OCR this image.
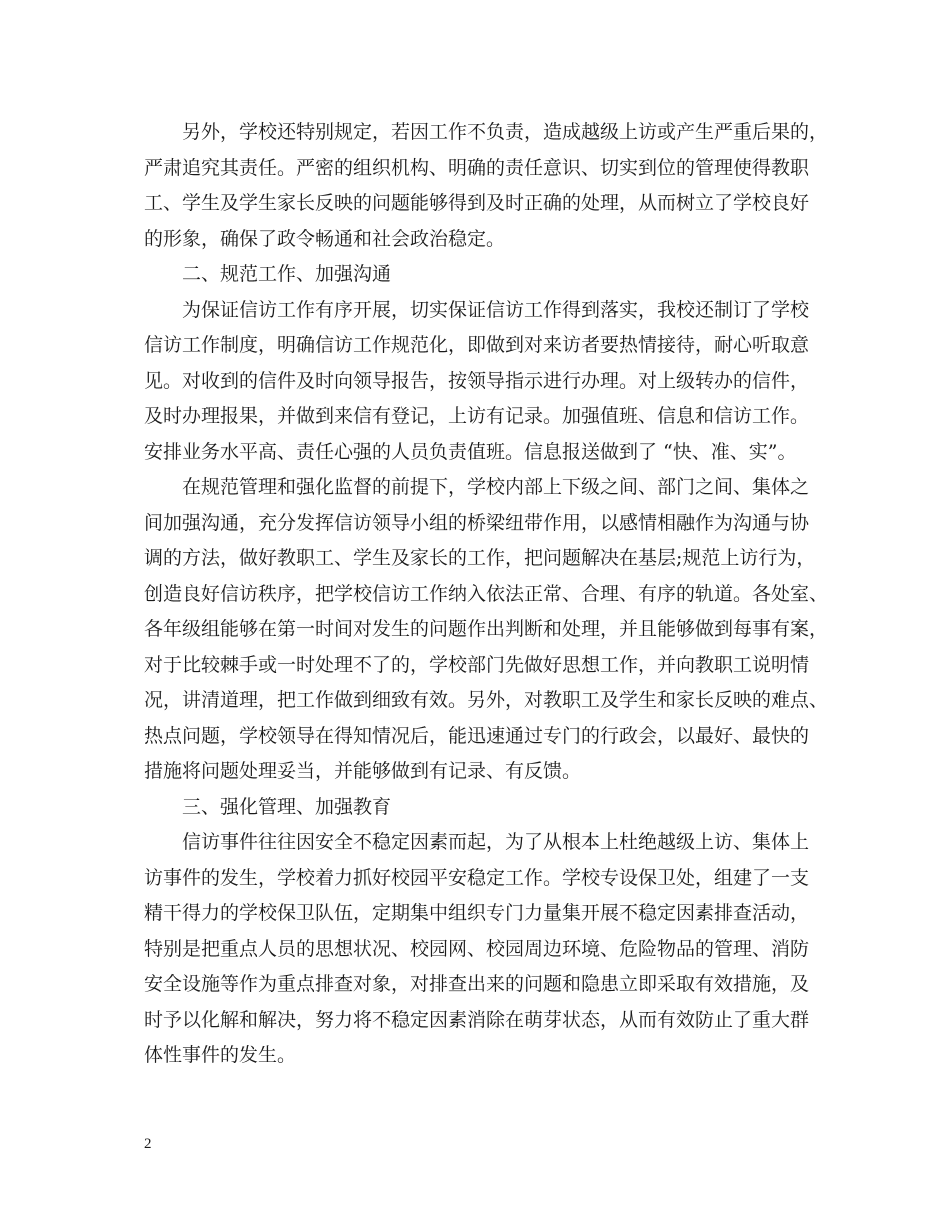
另外，学校还特别规定，若因工作不负责，造成越级上访或产生严重后果的，
严肃追究其责任。严密的组织机构、明确的责任意识、切实到位的管理使得教职
工、学生及学生家长反映的问题能够得到及时正确的处理，从而树立了学校良好
的形象，确保了政令畅通和社会政治稳定。
二、规范工作、加强沟通
为保证信访工作有序开展，切实保证信访工作得到落实，我校还制订了学校
信访工作制度，明确信访工作规范化，即做到对来访者要热情接待，耐心听取意
见。对收到的信件及时向领导报告，按领导指示进行办理。对上级转办的信件，
及时办理报果，并做到来信有登记，上访有记录。加强值班、信息和信访工作。
安排业务水平高、责任心强的人员负责值班。信息报送做到了 “快、准、实”。
在规范管理和强化监督的前提下，学校内部上下级之间、部门之间、集体之
间加强沟通，充分发挥信访领导小组的桥梁纽带作用，以感情相融作为沟通与协
调的方法，做好教职工、学生及家长的工作，把问题解决在基层;规范上访行为，
创造良好信访秩序，把学校信访工作纳入依法正常、合理、有序的轨道。各处室、
各年级组能够在第一时间对发生的问题作出判断和处理，并且能够做到每事有案，
对于比较棘手或一时处理不了的，学校部门先做好思想工作，并向教职工说明情
况，讲清道理，把工作做到细致有效。另外，对教职工及学生和家长反映的难点、
热点问题，学校领导在得知情况后，能迅速通过专门的行政会，以最好、最快的
措施将问题处理妥当，并能够做到有记录、有反馈。
三、强化管理、加强教育
信访事件往往因安全不稳定因素而起，为了从根本上杜绝越级上访、集体上
访事件的发生，学校着力抓好校园平安稳定工作。学校专设保卫处，组建了一支
精干得力的学校保卫队伍，定期集中组织专门力量集开展不稳定因素排查活动，
特别是把重点人员的思想状况、校园网、校园周边环境、危险物品的管理、消防
安全设施等作为重点排查对象，对排查出来的问题和隐患立即采取有效措施，及
时予以化解和解决，努力将不稳定因素消除在萌芽状态，从而有效防止了重大群
体性事件的发生。
2
